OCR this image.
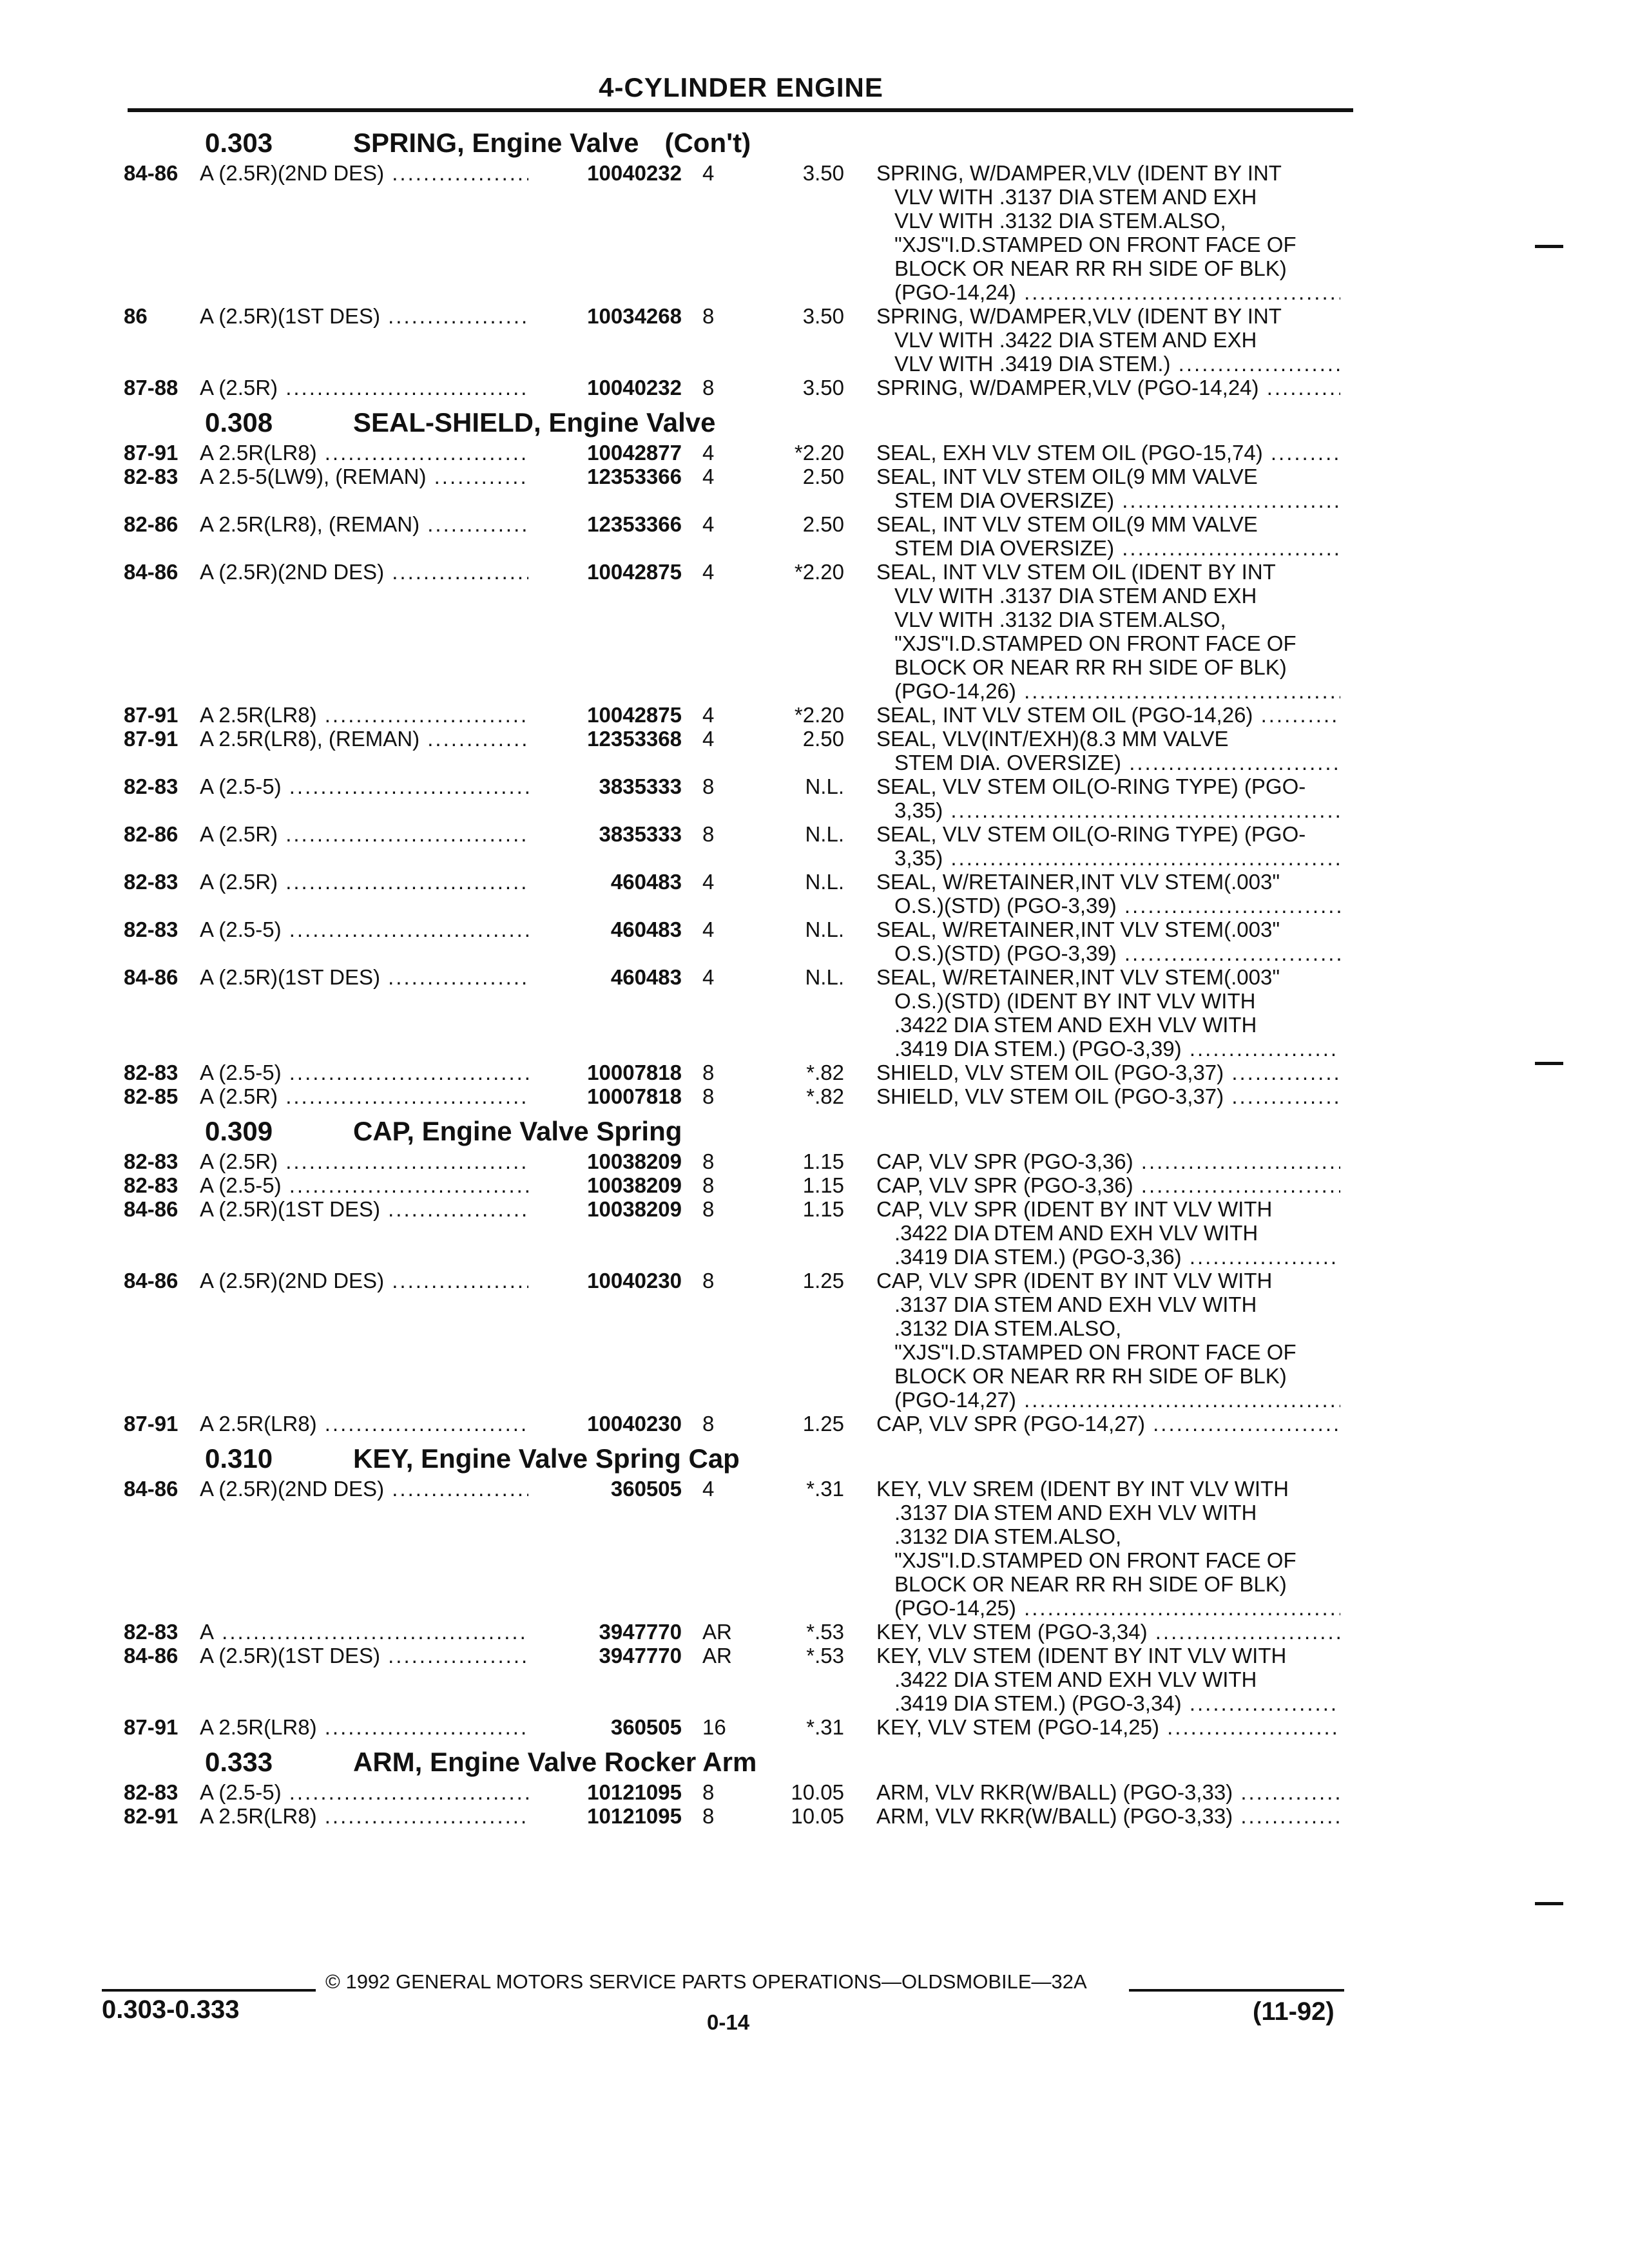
4-CYLINDER ENGINE
0.303	SPRING, Engine Valve (Con't)
84-86 A (2.5R)(2ND DES) .....	10040232 4	3.50 SPRING, W/DAMPER,VLV (IDENT BY INT
VLV WITH .3137 DIA STEM AND EXH
VLV WITH .3132 DIA STEM.ALSO,
"XJS"I.D.STAMPED ON FRONT FACE OF
BLOCK OR NEAR RR RH SIDE OF BLK)
(PGO-14,24) .....
86 A (2.5R)(1ST DES) .....	10034268 8	3.50 SPRING, W/DAMPER,VLV (IDENT BY INT
VLV WITH .3422 DIA STEM AND EXH
VLV WITH .3419 DIA STEM.) .....
87-88 A (2.5R) .....	10040232 8	3.50 SPRING, W/DAMPER,VLV (PGO-14,24) .....
0.308	SEAL-SHIELD, Engine Valve
87-91 A 2.5R(LR8) .....	10042877 4	*2.20 SEAL, EXH VLV STEM OIL (PGO-15,74) .....
82-83 A 2.5-5(LW9), (REMAN) .....	12353366 4	2.50 SEAL, INT VLV STEM OIL(9 MM VALVE
STEM DIA OVERSIZE) .....
82-86 A 2.5R(LR8), (REMAN) .....	12353366 4	2.50 SEAL, INT VLV STEM OIL(9 MM VALVE
STEM DIA OVERSIZE) .....
84-86 A (2.5R)(2ND DES) .....	10042875 4	*2.20 SEAL, INT VLV STEM OIL (IDENT BY INT
VLV WITH .3137 DIA STEM AND EXH
VLV WITH .3132 DIA STEM.ALSO,
"XJS"I.D.STAMPED ON FRONT FACE OF
BLOCK OR NEAR RR RH SIDE OF BLK)
(PGO-14,26) .....
87-91 A 2.5R(LR8) .....	10042875 4	*2.20 SEAL, INT VLV STEM OIL (PGO-14,26) .....
87-91 A 2.5R(LR8), (REMAN) .....	12353368 4	2.50 SEAL, VLV(INT/EXH)(8.3 MM VALVE
STEM DIA. OVERSIZE) .....
82-83 A (2.5-5) .....	3835333 8	N.L. SEAL, VLV STEM OIL(O-RING TYPE) (PGO-
3,35) .....
82-86 A (2.5R) .....	3835333 8	N.L. SEAL, VLV STEM OIL(O-RING TYPE) (PGO-
3,35) .....
82-83 A (2.5R) .....	460483 4	N.L. SEAL, W/RETAINER,INT VLV STEM(.003"
O.S.)(STD) (PGO-3,39) .....
82-83 A (2.5-5) .....	460483 4	N.L. SEAL, W/RETAINER,INT VLV STEM(.003"
O.S.)(STD) (PGO-3,39) .....
84-86 A (2.5R)(1ST DES) .....	460483 4	N.L. SEAL, W/RETAINER,INT VLV STEM(.003"
O.S.)(STD) (IDENT BY INT VLV WITH
.3422 DIA STEM AND EXH VLV WITH
.3419 DIA STEM.) (PGO-3,39) .....
82-83 A (2.5-5) .....	10007818 8	*.82 SHIELD, VLV STEM OIL (PGO-3,37) .....
82-85 A (2.5R) .....	10007818 8	*.82 SHIELD, VLV STEM OIL (PGO-3,37) .....
0.309	CAP, Engine Valve Spring
82-83 A (2.5R) .....	10038209 8	1.15 CAP, VLV SPR (PGO-3,36) .....
82-83 A (2.5-5) .....	10038209 8	1.15 CAP, VLV SPR (PGO-3,36) .....
84-86 A (2.5R)(1ST DES) .....	10038209 8	1.15 CAP, VLV SPR (IDENT BY INT VLV WITH
.3422 DIA DTEM AND EXH VLV WITH
.3419 DIA STEM.) (PGO-3,36) .....
84-86 A (2.5R)(2ND DES) .....	10040230 8	1.25 CAP, VLV SPR (IDENT BY INT VLV WITH
.3137 DIA STEM AND EXH VLV WITH
.3132 DIA STEM.ALSO,
"XJS"I.D.STAMPED ON FRONT FACE OF
BLOCK OR NEAR RR RH SIDE OF BLK)
(PGO-14,27) .....
87-91 A 2.5R(LR8) .....	10040230 8	1.25 CAP, VLV SPR (PGO-14,27) .....
0.310	KEY, Engine Valve Spring Cap
84-86 A (2.5R)(2ND DES) .....	360505 4	*.31 KEY, VLV SREM (IDENT BY INT VLV WITH
.3137 DIA STEM AND EXH VLV WITH
.3132 DIA STEM.ALSO,
"XJS"I.D.STAMPED ON FRONT FACE OF
BLOCK OR NEAR RR RH SIDE OF BLK)
(PGO-14,25) .....
82-83 A .....	3947770 AR	*.53 KEY, VLV STEM (PGO-3,34) .....
84-86 A (2.5R)(1ST DES) .....	3947770 AR	*.53 KEY, VLV STEM (IDENT BY INT VLV WITH
.3422 DIA STEM AND EXH VLV WITH
.3419 DIA STEM.) (PGO-3,34) .....
87-91 A 2.5R(LR8) .....	360505 16	*.31 KEY, VLV STEM (PGO-14,25) .....
0.333	ARM, Engine Valve Rocker Arm
82-83 A (2.5-5) .....	10121095 8	10.05 ARM, VLV RKR(W/BALL) (PGO-3,33) .....
82-91 A 2.5R(LR8) .....	10121095 8	10.05 ARM, VLV RKR(W/BALL) (PGO-3,33) .....
© 1992 GENERAL MOTORS SERVICE PARTS OPERATIONS—OLDSMOBILE—32A
0.303-0.333	0-14	(11-92)
